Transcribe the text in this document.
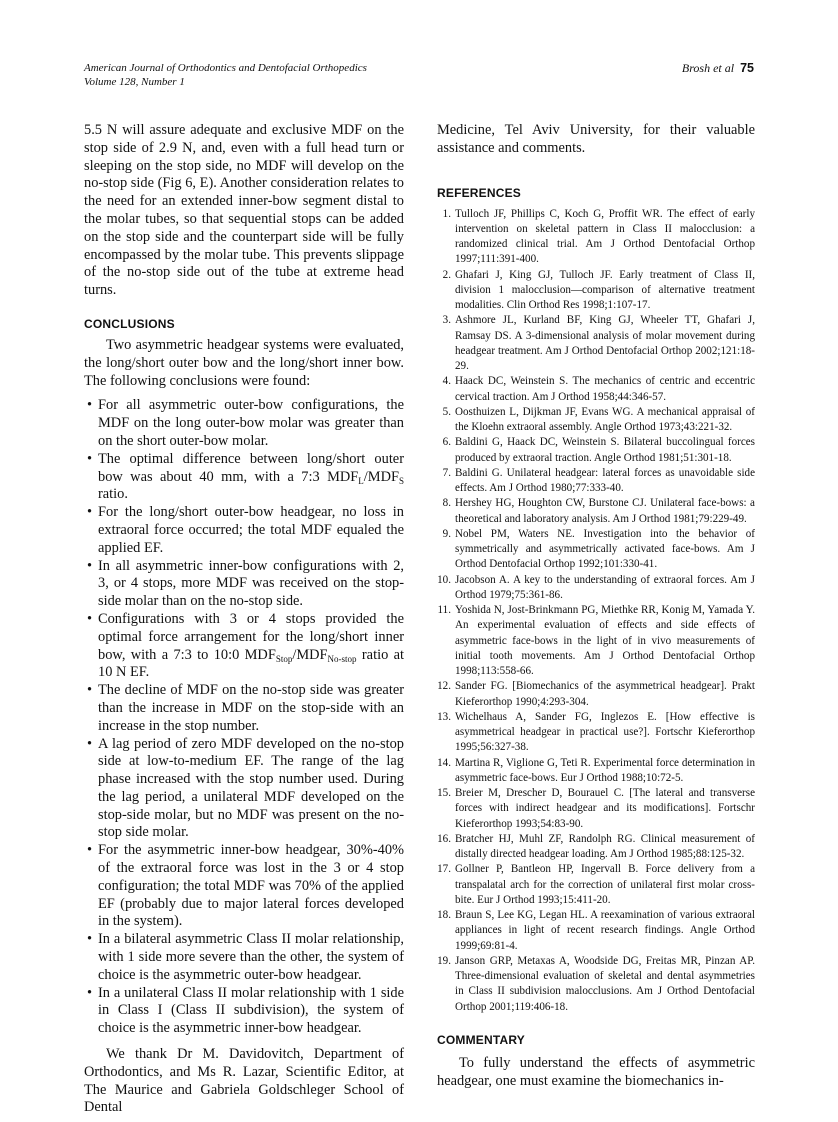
American Journal of Orthodontics and Dentofacial Orthopedics
Volume 128, Number 1
Brosh et al 75

5.5 N will assure adequate and exclusive MDF on the stop side of 2.9 N, and, even with a full head turn or sleeping on the stop side, no MDF will develop on the no-stop side (Fig 6, E). Another consideration relates to the need for an extended inner-bow segment distal to the molar tubes, so that sequential stops can be added on the stop side and the counterpart side will be fully encompassed by the molar tube. This prevents slippage of the no-stop side out of the tube at extreme head turns.

CONCLUSIONS

Two asymmetric headgear systems were evaluated, the long/short outer bow and the long/short inner bow. The following conclusions were found:

• For all asymmetric outer-bow configurations, the MDF on the long outer-bow molar was greater than on the short outer-bow molar.
• The optimal difference between long/short outer bow was about 40 mm, with a 7:3 $MDF_L/MDF_S$ ratio.
• For the long/short outer-bow headgear, no loss in extraoral force occurred; the total MDF equaled the applied EF.
• In all asymmetric inner-bow configurations with 2, 3, or 4 stops, more MDF was received on the stop-side molar than on the no-stop side.
• Configurations with 3 or 4 stops provided the optimal force arrangement for the long/short inner bow, with a 7:3 to 10:0 $MDF_{Stop}/MDF_{No-stop}$ ratio at 10 N EF.
• The decline of MDF on the no-stop side was greater than the increase in MDF on the stop-side with an increase in the stop number.
• A lag period of zero MDF developed on the no-stop side at low-to-medium EF. The range of the lag phase increased with the stop number used. During the lag period, a unilateral MDF developed on the stop-side molar, but no MDF was present on the no-stop side molar.
• For the asymmetric inner-bow headgear, 30%-40% of the extraoral force was lost in the 3 or 4 stop configuration; the total MDF was 70% of the applied EF (probably due to major lateral forces developed in the system).
• In a bilateral asymmetric Class II molar relationship, with 1 side more severe than the other, the system of choice is the asymmetric outer-bow headgear.
• In a unilateral Class II molar relationship with 1 side in Class I (Class II subdivision), the system of choice is the asymmetric inner-bow headgear.

We thank Dr M. Davidovitch, Department of Orthodontics, and Ms R. Lazar, Scientific Editor, at The Maurice and Gabriela Goldschleger School of Dental

Medicine, Tel Aviv University, for their valuable assistance and comments.

REFERENCES
1. Tulloch JF, Phillips C, Koch G, Proffit WR. The effect of early intervention on skeletal pattern in Class II malocclusion: a randomized clinical trial. Am J Orthod Dentofacial Orthop 1997;111:391-400.
2. Ghafari J, King GJ, Tulloch JF. Early treatment of Class II, division 1 malocclusion—comparison of alternative treatment modalities. Clin Orthod Res 1998;1:107-17.
3. Ashmore JL, Kurland BF, King GJ, Wheeler TT, Ghafari J, Ramsay DS. A 3-dimensional analysis of molar movement during headgear treatment. Am J Orthod Dentofacial Orthop 2002;121:18-29.
4. Haack DC, Weinstein S. The mechanics of centric and eccentric cervical traction. Am J Orthod 1958;44:346-57.
5. Oosthuizen L, Dijkman JF, Evans WG. A mechanical appraisal of the Kloehn extraoral assembly. Angle Orthod 1973;43:221-32.
6. Baldini G, Haack DC, Weinstein S. Bilateral buccolingual forces produced by extraoral traction. Angle Orthod 1981;51:301-18.
7. Baldini G. Unilateral headgear: lateral forces as unavoidable side effects. Am J Orthod 1980;77:333-40.
8. Hershey HG, Houghton CW, Burstone CJ. Unilateral face-bows: a theoretical and laboratory analysis. Am J Orthod 1981;79:229-49.
9. Nobel PM, Waters NE. Investigation into the behavior of symmetrically and asymmetrically activated face-bows. Am J Orthod Dentofacial Orthop 1992;101:330-41.
10. Jacobson A. A key to the understanding of extraoral forces. Am J Orthod 1979;75:361-86.
11. Yoshida N, Jost-Brinkmann PG, Miethke RR, Konig M, Yamada Y. An experimental evaluation of effects and side effects of asymmetric face-bows in the light of in vivo measurements of initial tooth movements. Am J Orthod Dentofacial Orthop 1998;113:558-66.
12. Sander FG. [Biomechanics of the asymmetrical headgear]. Prakt Kieferorthop 1990;4:293-304.
13. Wichelhaus A, Sander FG, Inglezos E. [How effective is asymmetrical headgear in practical use?]. Fortschr Kieferorthop 1995;56:327-38.
14. Martina R, Viglione G, Teti R. Experimental force determination in asymmetric face-bows. Eur J Orthod 1988;10:72-5.
15. Breier M, Drescher D, Bourauel C. [The lateral and transverse forces with indirect headgear and its modifications]. Fortschr Kieferorthop 1993;54:83-90.
16. Bratcher HJ, Muhl ZF, Randolph RG. Clinical measurement of distally directed headgear loading. Am J Orthod 1985;88:125-32.
17. Gollner P, Bantleon HP, Ingervall B. Force delivery from a transpalatal arch for the correction of unilateral first molar cross-bite. Eur J Orthod 1993;15:411-20.
18. Braun S, Lee KG, Legan HL. A reexamination of various extraoral appliances in light of recent research findings. Angle Orthod 1999;69:81-4.
19. Janson GRP, Metaxas A, Woodside DG, Freitas MR, Pinzan AP. Three-dimensional evaluation of skeletal and dental asymmetries in Class II subdivision malocclusions. Am J Orthod Dentofacial Orthop 2001;119:406-18.
COMMENTARY

To fully understand the effects of asymmetric headgear, one must examine the biomechanics in-
